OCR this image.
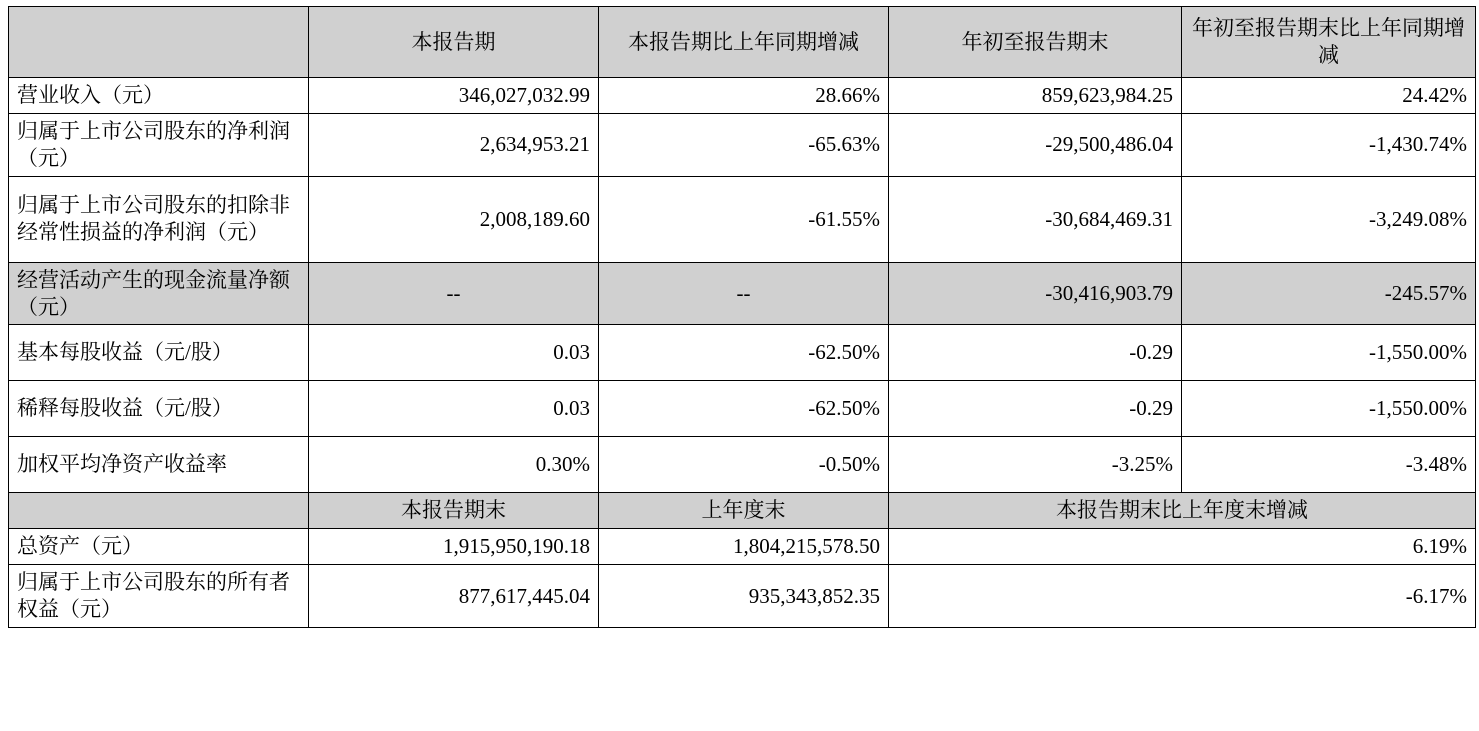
	本报告期	本报告期比上年同期增减	年初至报告期末	年初至报告期末比上年同期增减
营业收入（元）	346,027,032.99	28.66%	859,623,984.25	24.42%
归属于上市公司股东的净利润（元）	2,634,953.21	-65.63%	-29,500,486.04	-1,430.74%
归属于上市公司股东的扣除非经常性损益的净利润（元）	2,008,189.60	-61.55%	-30,684,469.31	-3,249.08%
经营活动产生的现金流量净额（元）	--	--	-30,416,903.79	-245.57%
基本每股收益（元/股）	0.03	-62.50%	-0.29	-1,550.00%
稀释每股收益（元/股）	0.03	-62.50%	-0.29	-1,550.00%
加权平均净资产收益率	0.30%	-0.50%	-3.25%	-3.48%
	本报告期末	上年度末	本报告期末比上年度末增减	
总资产（元）	1,915,950,190.18	1,804,215,578.50	6.19%	
归属于上市公司股东的所有者权益（元）	877,617,445.04	935,343,852.35	-6.17%	
